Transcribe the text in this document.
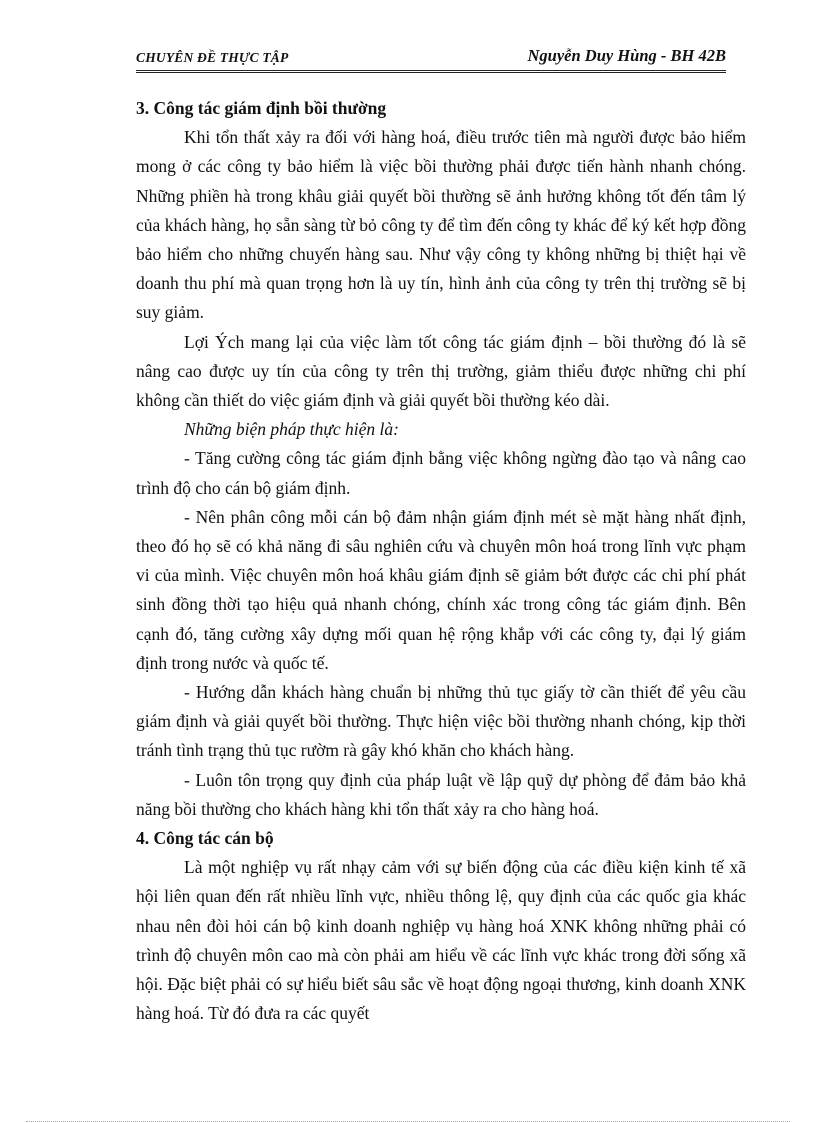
CHUYÊN ĐỀ THỰC TẬP	Nguyễn Duy Hùng - BH 42B

3. Công tác giám định bồi thường

Khi tổn thất xảy ra đối với hàng hoá, điều trước tiên mà người được bảo hiểm mong ở các công ty bảo hiểm là việc bồi thường phải được tiến hành nhanh chóng. Những phiền hà trong khâu giải quyết bồi thường sẽ ảnh hưởng không tốt đến tâm lý của khách hàng, họ sẵn sàng từ bỏ công ty để tìm đến công ty khác để ký kết hợp đồng bảo hiểm cho những chuyến hàng sau. Như vậy công ty không những bị thiệt hại về doanh thu phí mà quan trọng hơn là uy tín, hình ảnh của công ty trên thị trường sẽ bị suy giảm.

Lợi Ých mang lại của việc làm tốt công tác giám định – bồi thường đó là sẽ nâng cao được uy tín của công ty trên thị trường, giảm thiểu được những chi phí không cần thiết do việc giám định và giải quyết bồi thường kéo dài.

Những biện pháp thực hiện là:

- Tăng cường công tác giám định bằng việc không ngừng đào tạo và nâng cao trình độ cho cán bộ giám định.

- Nên phân công mỗi cán bộ đảm nhận giám định mét sè mặt hàng nhất định, theo đó họ sẽ có khả năng đi sâu nghiên cứu và chuyên môn hoá trong lĩnh vực phạm vi của mình. Việc chuyên môn hoá khâu giám định sẽ giảm bớt được các chi phí phát sinh đồng thời tạo hiệu quả nhanh chóng, chính xác trong công tác giám định. Bên cạnh đó, tăng cường xây dựng mối quan hệ rộng khắp với các công ty, đại lý giám định trong nước và quốc tế.

- Hướng dẫn khách hàng chuẩn bị những thủ tục giấy tờ cần thiết để yêu cầu giám định và giải quyết bồi thường. Thực hiện việc bồi thường nhanh chóng, kịp thời tránh tình trạng thủ tục rườm rà gây khó khăn cho khách hàng.

- Luôn tôn trọng quy định của pháp luật về lập quỹ dự phòng để đảm bảo khả năng bồi thường cho khách hàng khi tổn thất xảy ra cho hàng hoá.

4. Công tác cán bộ

Là một nghiệp vụ rất nhạy cảm với sự biến động của các điều kiện kinh tế xã hội liên quan đến rất nhiều lĩnh vực, nhiều thông lệ, quy định của các quốc gia khác nhau nên đòi hỏi cán bộ kinh doanh nghiệp vụ hàng hoá XNK không những phải có trình độ chuyên môn cao mà còn phải am hiểu về các lĩnh vực khác trong đời sống xã hội. Đặc biệt phải có sự hiểu biết sâu sắc về hoạt động ngoại thương, kinh doanh XNK hàng hoá. Từ đó đưa ra các quyết
